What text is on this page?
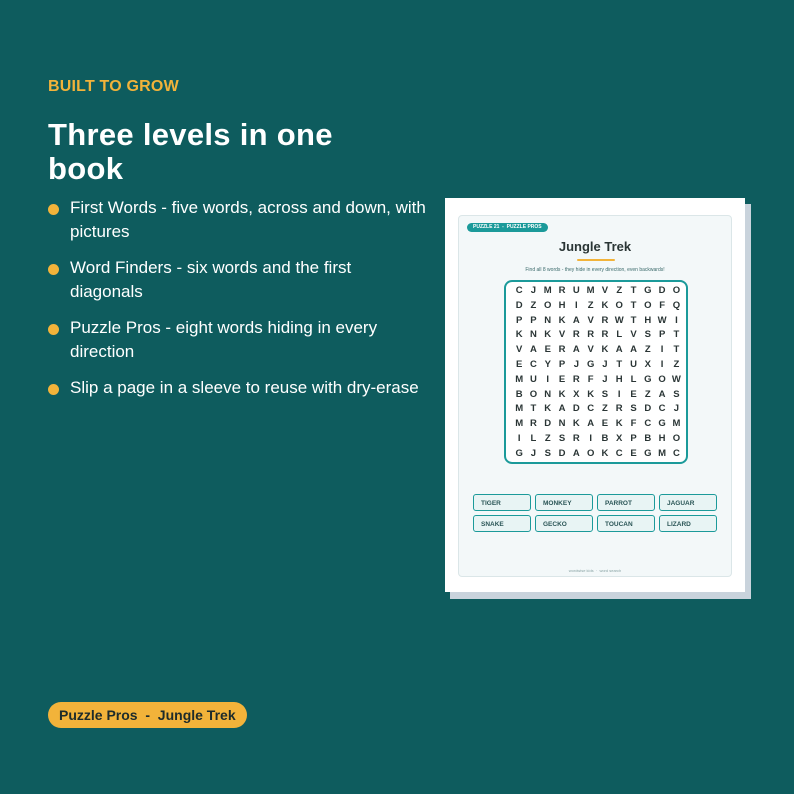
BUILT TO GROW
Three levels in one book
First Words - five words, across and down, with pictures
Word Finders - six words and the first diagonals
Puzzle Pros - eight words hiding in every direction
Slip a page in a sleeve to reuse with dry-erase
PUZZLE 21  -  PUZZLE PROS
Jungle Trek
Find all 8 words - they hide in every direction, even backwards!
C J M R U M V Z T G D O
D Z O H	I	Z K O T O F Q
P P N K A V R W T H W I
K N K V R R R L V S P T
V A E R A V K A A Z	I	T
E C Y P J G J T U X	I	Z
M U	I	E R F J H L G O W
B O N K X K S	I	E Z A S
M T K A D C Z R S D C J
M R D N K A E K F C G M
I	L Z S R	I	B X P B H O
G J S D A O K C E G M C
TIGER	MONKEY	PARROT	JAGUAR
SNAKE	GECKO	TOUCAN	LIZARD
wordwise kids  ·  word search
Puzzle Pros  -  Jungle Trek
